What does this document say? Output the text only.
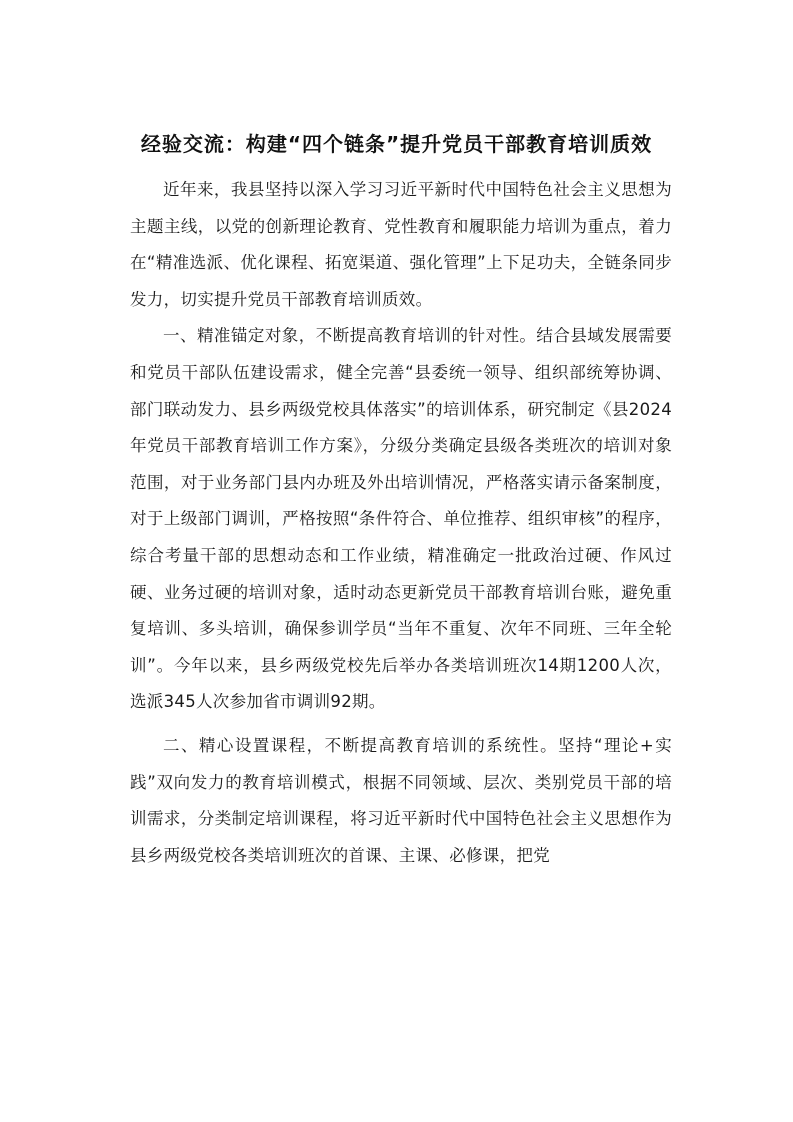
经验交流：构建“四个链条”提升党员干部教育培训质效

近年来，我县坚持以深入学习习近平新时代中国特色社会主义思想为主题主线，以党的创新理论教育、党性教育和履职能力培训为重点，着力在“精准选派、优化课程、拓宽渠道、强化管理”上下足功夫，全链条同步发力，切实提升党员干部教育培训质效。

一、精准锚定对象，不断提高教育培训的针对性。结合县域发展需要和党员干部队伍建设需求，健全完善“县委统一领导、组织部统筹协调、部门联动发力、县乡两级党校具体落实”的培训体系，研究制定《县2024年党员干部教育培训工作方案》，分级分类确定县级各类班次的培训对象范围，对于业务部门县内办班及外出培训情况，严格落实请示备案制度，对于上级部门调训，严格按照“条件符合、单位推荐、组织审核”的程序，综合考量干部的思想动态和工作业绩，精准确定一批政治过硬、作风过硬、业务过硬的培训对象，适时动态更新党员干部教育培训台账，避免重复培训、多头培训，确保参训学员“当年不重复、次年不同班、三年全轮训”。今年以来，县乡两级党校先后举办各类培训班次14期1200人次，选派345人次参加省市调训92期。

二、精心设置课程，不断提高教育培训的系统性。坚持“理论+实践”双向发力的教育培训模式，根据不同领域、层次、类别党员干部的培训需求，分类制定培训课程，将习近平新时代中国特色社会主义思想作为县乡两级党校各类培训班次的首课、主课、必修课，把党
